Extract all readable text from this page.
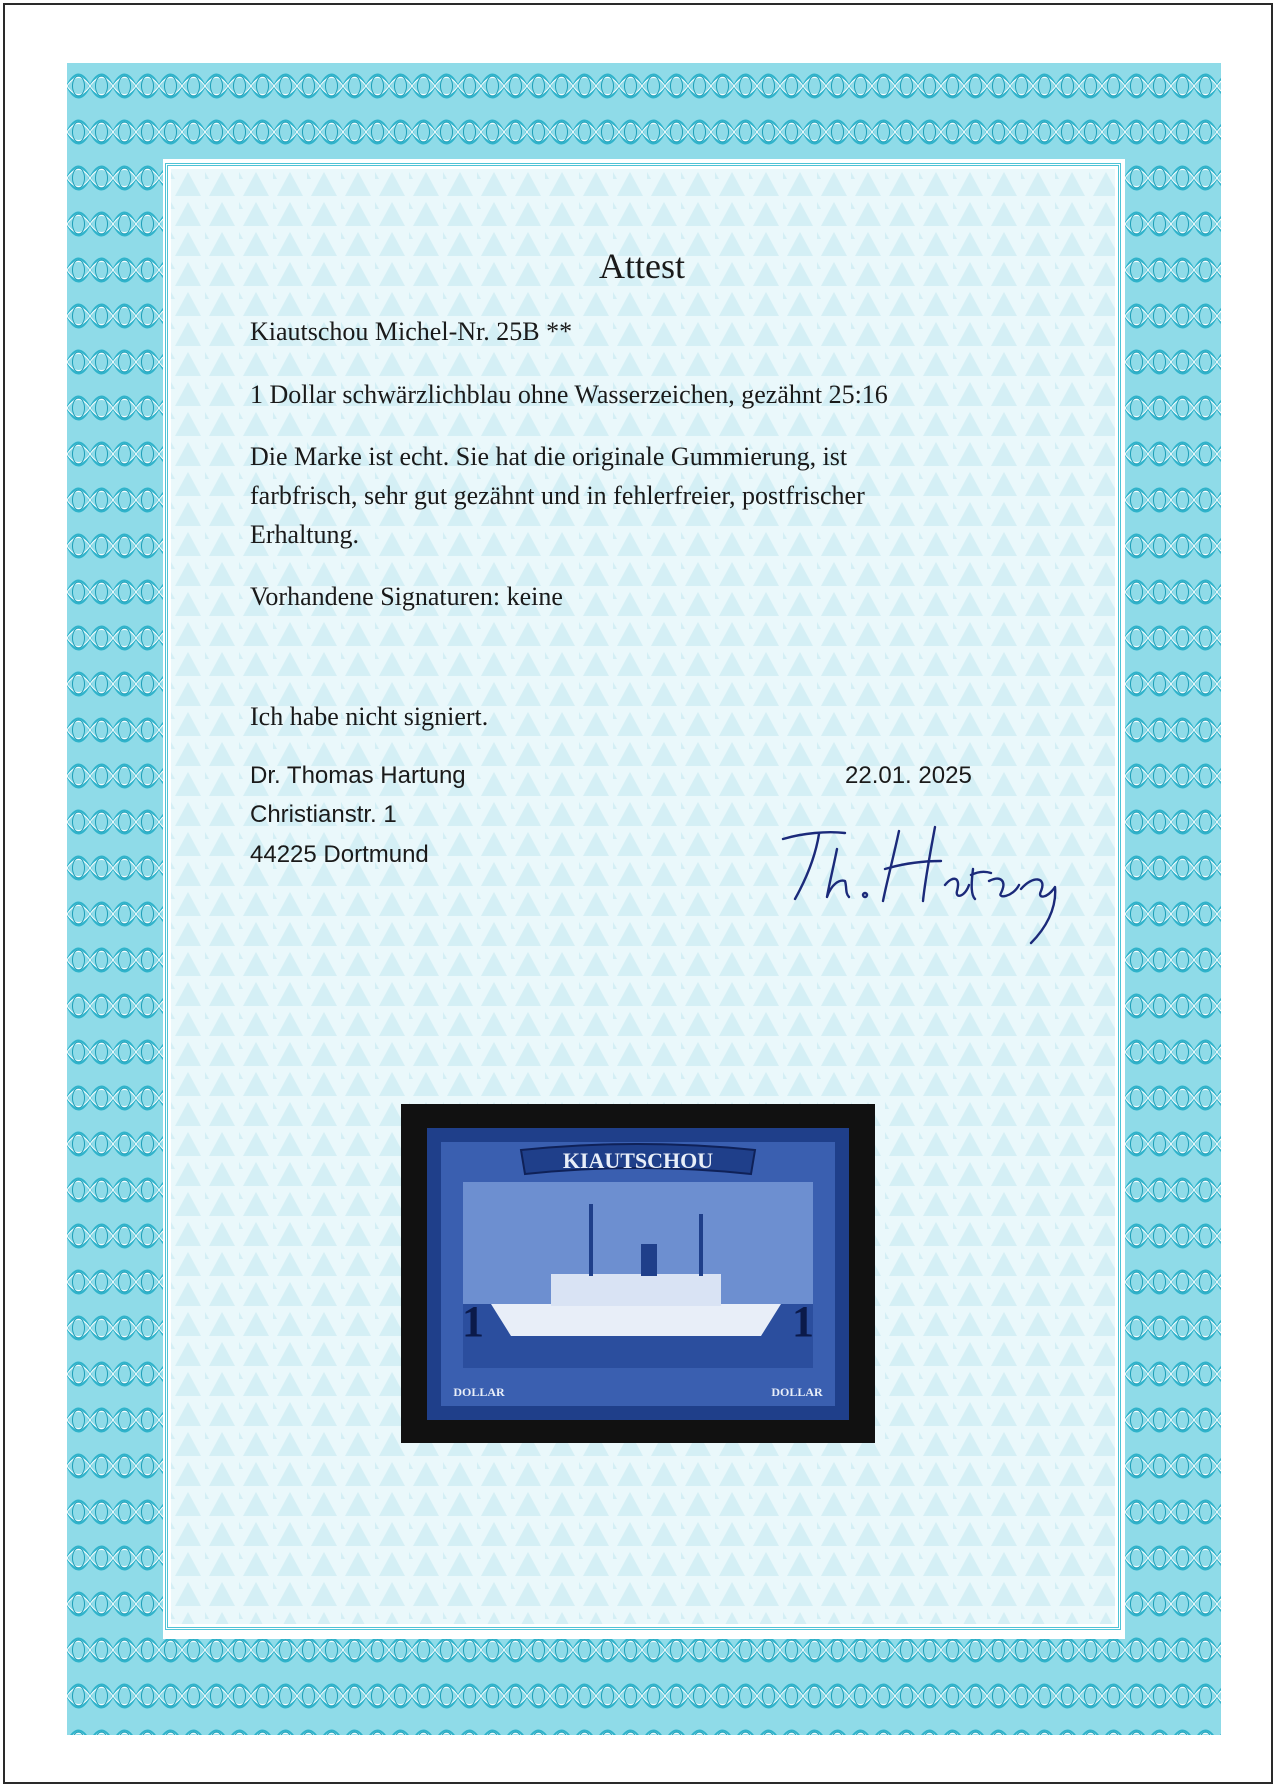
Attest
Kiautschou Michel-Nr. 25B **
1 Dollar schwärzlichblau ohne Wasserzeichen, gezähnt 25:16
Die Marke ist echt. Sie hat die originale Gummierung, ist
farbfrisch, sehr gut gezähnt und in fehlerfreier, postfrischer
Erhaltung.
Vorhandene Signaturen: keine
Ich habe nicht signiert.
Dr. Thomas Hartung
Christianstr. 1
44225 Dortmund
22.01. 2025
KIAUTSCHOU
1	1
DOLLAR	DOLLAR
